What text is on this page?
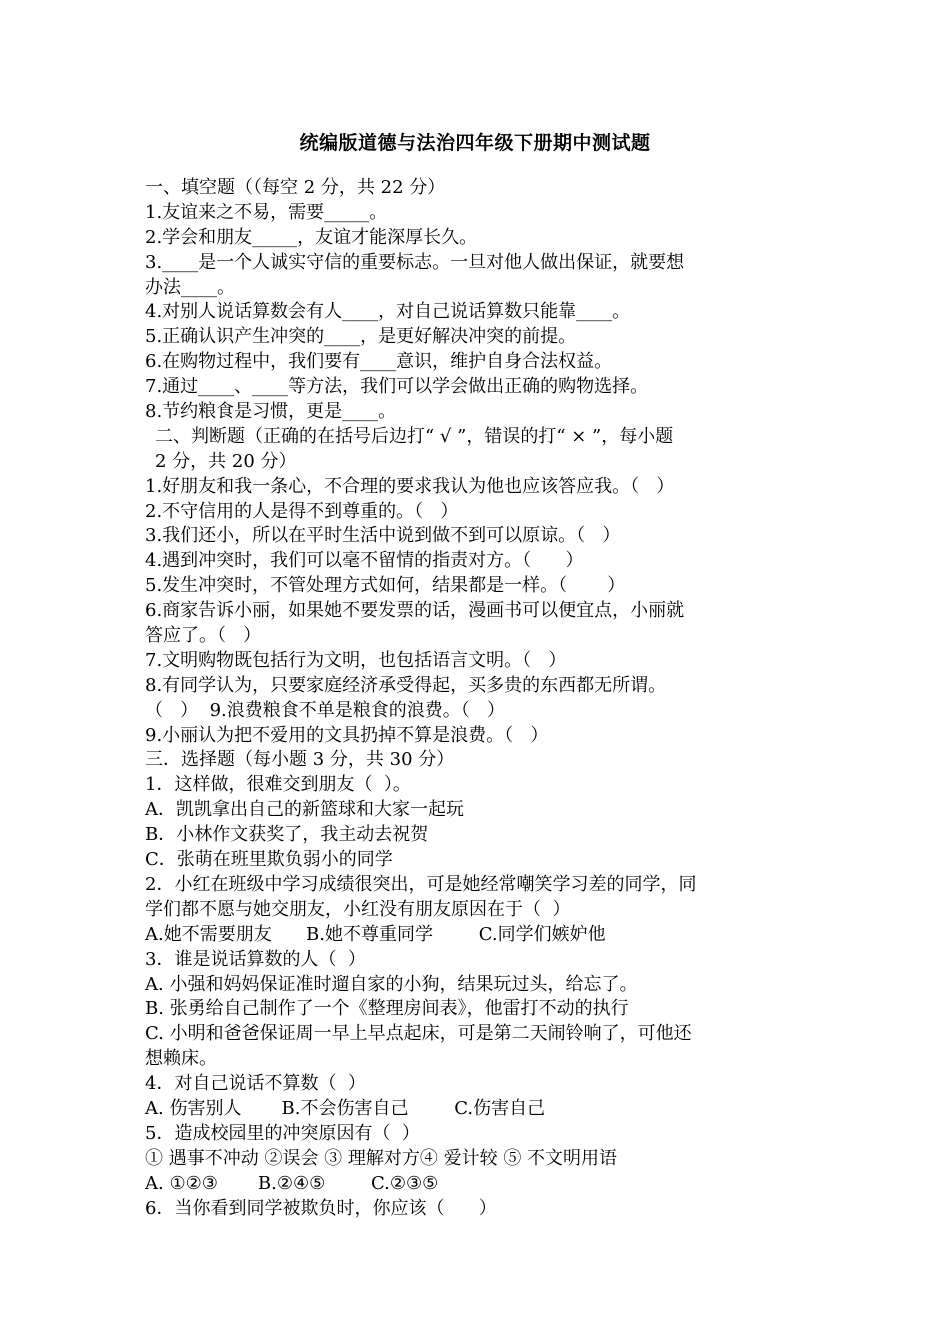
统编版道德与法治四年级下册期中测试题
一、填空题（（每空 2 分，共 22 分）
1.友谊来之不易，需要_____。
2.学会和朋友_____，友谊才能深厚长久。
3.____是一个人诚实守信的重要标志。一旦对他人做出保证，就要想
办法____。
4.对别人说话算数会有人____，对自己说话算数只能靠____。
5.正确认识产生冲突的____，是更好解决冲突的前提。
6.在购物过程中，我们要有____意识，维护自身合法权益。
7.通过____、____等方法，我们可以学会做出正确的购物选择。
8.节约粮食是习惯，更是____。
二、判断题（正确的在括号后边打“ √ ”，错误的打“ × ”，每小题
2 分，共 20 分）
1.好朋友和我一条心，不合理的要求我认为他也应该答应我。（   ）
2.不守信用的人是得不到尊重的。（   ）
3.我们还小，所以在平时生活中说到做不到可以原谅。（   ）
4.遇到冲突时，我们可以毫不留情的指责对方。（      ）
5.发生冲突时，不管处理方式如何，结果都是一样。（       ）
6.商家告诉小丽，如果她不要发票的话，漫画书可以便宜点，小丽就
答应了。（   ）
7.文明购物既包括行为文明，也包括语言文明。（   ）
8.有同学认为，只要家庭经济承受得起，买多贵的东西都无所谓。
（   ）  9.浪费粮食不单是粮食的浪费。（   ）
9.小丽认为把不爱用的文具扔掉不算是浪费。（   ）
三．选择题（每小题 3 分，共 30 分）
1．这样做，很难交到朋友（  ）。
A．凯凯拿出自己的新篮球和大家一起玩
B．小林作文获奖了，我主动去祝贺
C．张萌在班里欺负弱小的同学
2．小红在班级中学习成绩很突出，可是她经常嘲笑学习差的同学，同
学们都不愿与她交朋友，小红没有朋友原因在于（  ）
A.她不需要朋友      B.她不尊重同学        C.同学们嫉妒他
3．谁是说话算数的人（  ）
A. 小强和妈妈保证准时遛自家的小狗，结果玩过头，给忘了。
B. 张勇给自己制作了一个《整理房间表》，他雷打不动的执行
C. 小明和爸爸保证周一早上早点起床，可是第二天闹铃响了，可他还
想赖床。
4．对自己说话不算数（  ）
A. 伤害别人       B.不会伤害自己        C.伤害自己
5．造成校园里的冲突原因有（  ）
① 遇事不冲动 ②误会 ③ 理解对方④ 爱计较 ⑤ 不文明用语
A. ①②③       B.②④⑤        C.②③⑤
6．当你看到同学被欺负时，你应该（      ）
